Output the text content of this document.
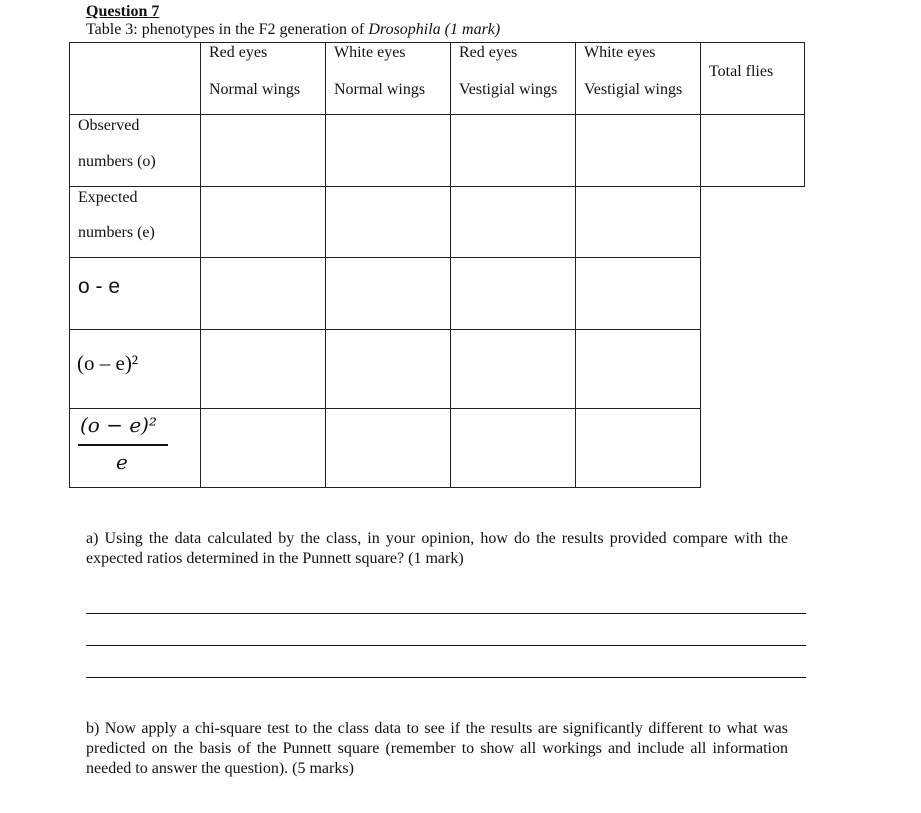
Question 7
Table 3: phenotypes in the F2 generation of Drosophila (1 mark)
Red eyes
Normal wings
White eyes
Normal wings
Red eyes
Vestigial wings
White eyes
Vestigial wings
Total flies
Observed
numbers (o)
Expected
numbers (e)
o - e
(o – e)²
(o − e)²
e
a) Using the data calculated by the class, in your opinion, how do the results provided compare with the expected ratios determined in the Punnett square? (1 mark)
b) Now apply a chi-square test to the class data to see if the results are significantly different to what was predicted on the basis of the Punnett square (remember to show all workings and include all information needed to answer the question). (5 marks)
